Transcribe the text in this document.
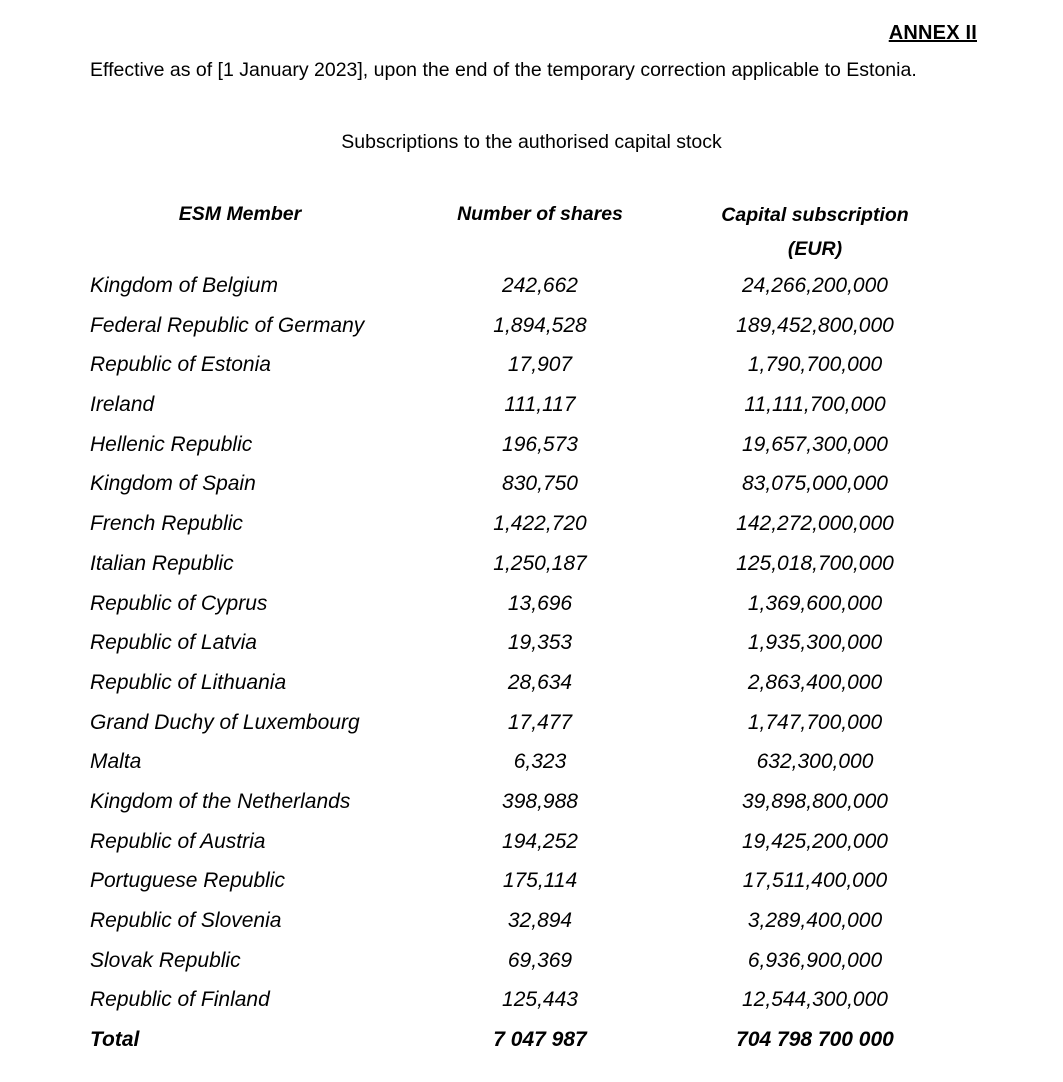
ANNEX II
Effective as of [1 January 2023], upon the end of the temporary correction applicable to Estonia.
Subscriptions to the authorised capital stock
ESM Member	Number of shares	Capital subscription
(EUR)
Kingdom of Belgium	242,662	24,266,200,000
Federal Republic of Germany	1,894,528	189,452,800,000
Republic of Estonia	17,907	1,790,700,000
Ireland	111,117	11,111,700,000
Hellenic Republic	196,573	19,657,300,000
Kingdom of Spain	830,750	83,075,000,000
French Republic	1,422,720	142,272,000,000
Italian Republic	1,250,187	125,018,700,000
Republic of Cyprus	13,696	1,369,600,000
Republic of Latvia	19,353	1,935,300,000
Republic of Lithuania	28,634	2,863,400,000
Grand Duchy of Luxembourg	17,477	1,747,700,000
Malta	6,323	632,300,000
Kingdom of the Netherlands	398,988	39,898,800,000
Republic of Austria	194,252	19,425,200,000
Portuguese Republic	175,114	17,511,400,000
Republic of Slovenia	32,894	3,289,400,000
Slovak Republic	69,369	6,936,900,000
Republic of Finland	125,443	12,544,300,000
Total	7 047 987	704 798 700 000
